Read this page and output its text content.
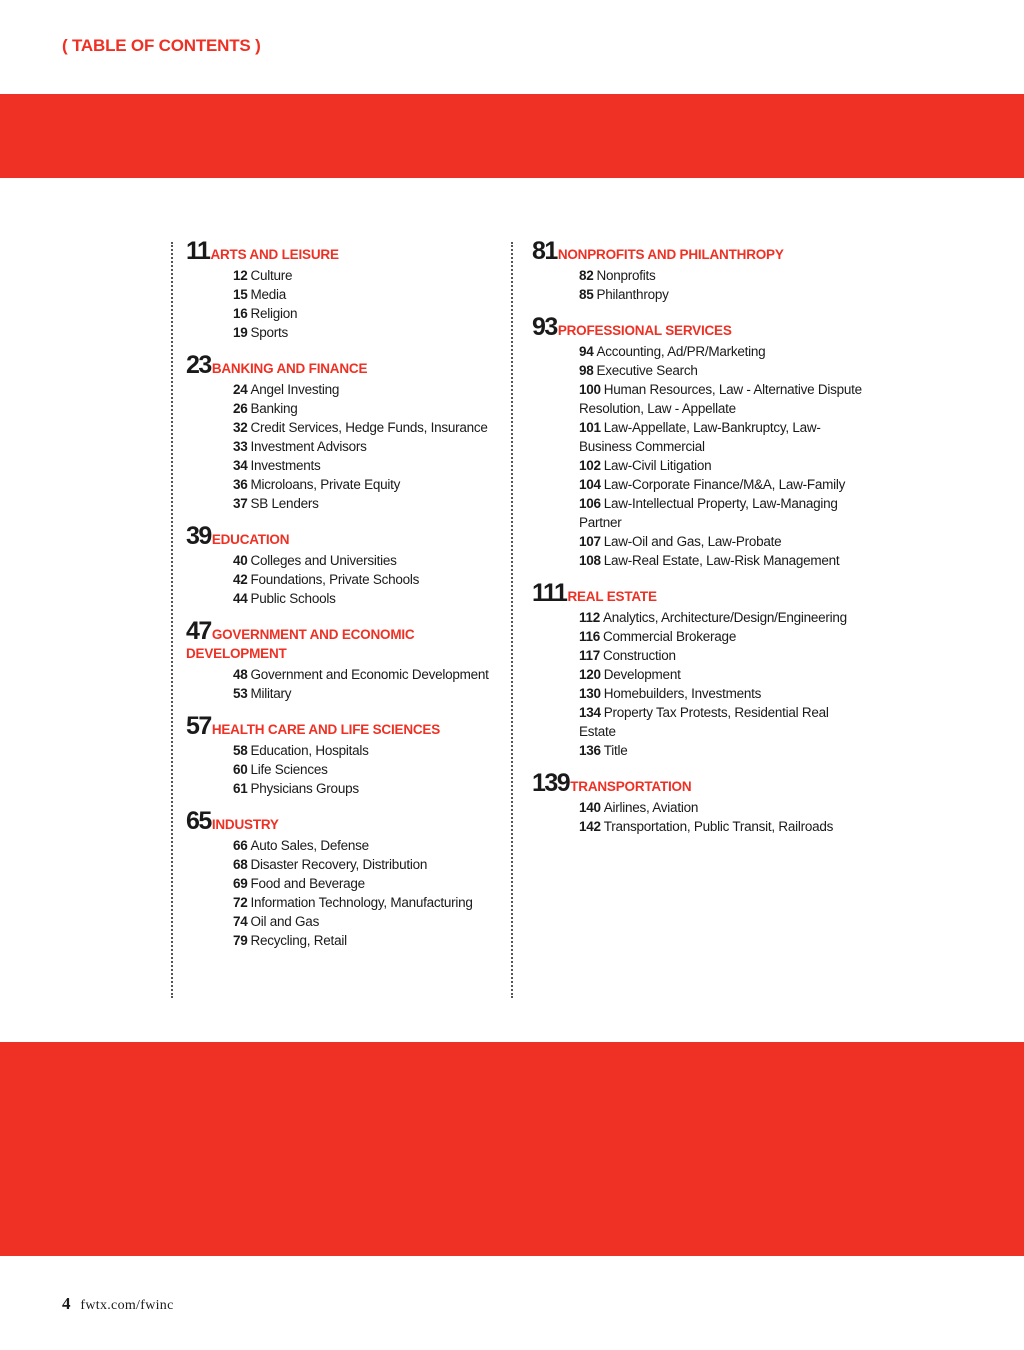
( TABLE OF CONTENTS )
11ARTS AND LEISURE
12 Culture
15 Media
16 Religion
19 Sports
23BANKING AND FINANCE
24 Angel Investing
26 Banking
32 Credit Services, Hedge Funds, Insurance
33 Investment Advisors
34 Investments
36 Microloans, Private Equity
37 SB Lenders
39EDUCATION
40 Colleges and Universities
42 Foundations, Private Schools
44 Public Schools
47GOVERNMENT AND ECONOMIC DEVELOPMENT
48 Government and Economic Development
53 Military
57HEALTH CARE AND LIFE SCIENCES
58 Education, Hospitals
60 Life Sciences
61 Physicians Groups
65INDUSTRY
66 Auto Sales, Defense
68 Disaster Recovery, Distribution
69 Food and Beverage
72 Information Technology, Manufacturing
74 Oil and Gas
79 Recycling, Retail
81NONPROFITS AND PHILANTHROPY
82 Nonprofits
85 Philanthropy
93PROFESSIONAL SERVICES
94 Accounting, Ad/PR/Marketing
98 Executive Search
100 Human Resources, Law - Alternative Dispute Resolution, Law - Appellate
101 Law-Appellate, Law-Bankruptcy, Law-Business Commercial
102 Law-Civil Litigation
104 Law-Corporate Finance/M&A, Law-Family
106 Law-Intellectual Property, Law-Managing Partner
107 Law-Oil and Gas, Law-Probate
108 Law-Real Estate, Law-Risk Management
111REAL ESTATE
112 Analytics, Architecture/Design/Engineering
116 Commercial Brokerage
117 Construction
120 Development
130 Homebuilders, Investments
134 Property Tax Protests, Residential Real Estate
136 Title
139TRANSPORTATION
140 Airlines, Aviation
142 Transportation, Public Transit, Railroads
4 fwtx.com/fwinc
